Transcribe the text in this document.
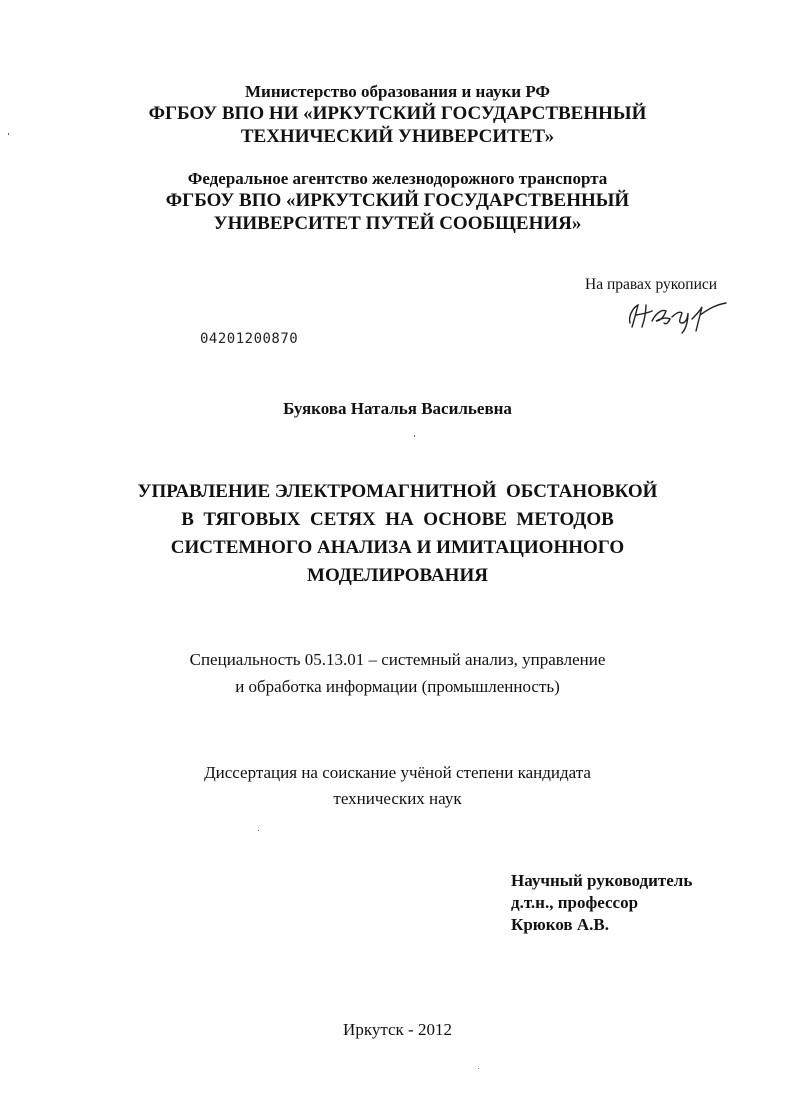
Министерство образования и науки РФ
ФГБОУ ВПО НИ «ИРКУТСКИЙ ГОСУДАРСТВЕННЫЙ
ТЕХНИЧЕСКИЙ УНИВЕРСИТЕТ»
Федеральное агентство железнодорожного транспорта
ФГБОУ ВПО «ИРКУТСКИЙ ГОСУДАРСТВЕННЫЙ
УНИВЕРСИТЕТ ПУТЕЙ СООБЩЕНИЯ»
На правах рукописи
04201200870
Буякова Наталья Васильевна
УПРАВЛЕНИЕ ЭЛЕКТРОМАГНИТНОЙ  ОБСТАНОВКОЙ
В  ТЯГОВЫХ  СЕТЯХ  НА  ОСНОВЕ  МЕТОДОВ
СИСТЕМНОГО АНАЛИЗА И ИМИТАЦИОННОГО
МОДЕЛИРОВАНИЯ
Специальность 05.13.01 – системный анализ, управление
и обработка информации (промышленность)
Диссертация на соискание учёной степени кандидата
технических наук
Научный руководитель
д.т.н., профессор
Крюков А.В.
Иркутск - 2012
